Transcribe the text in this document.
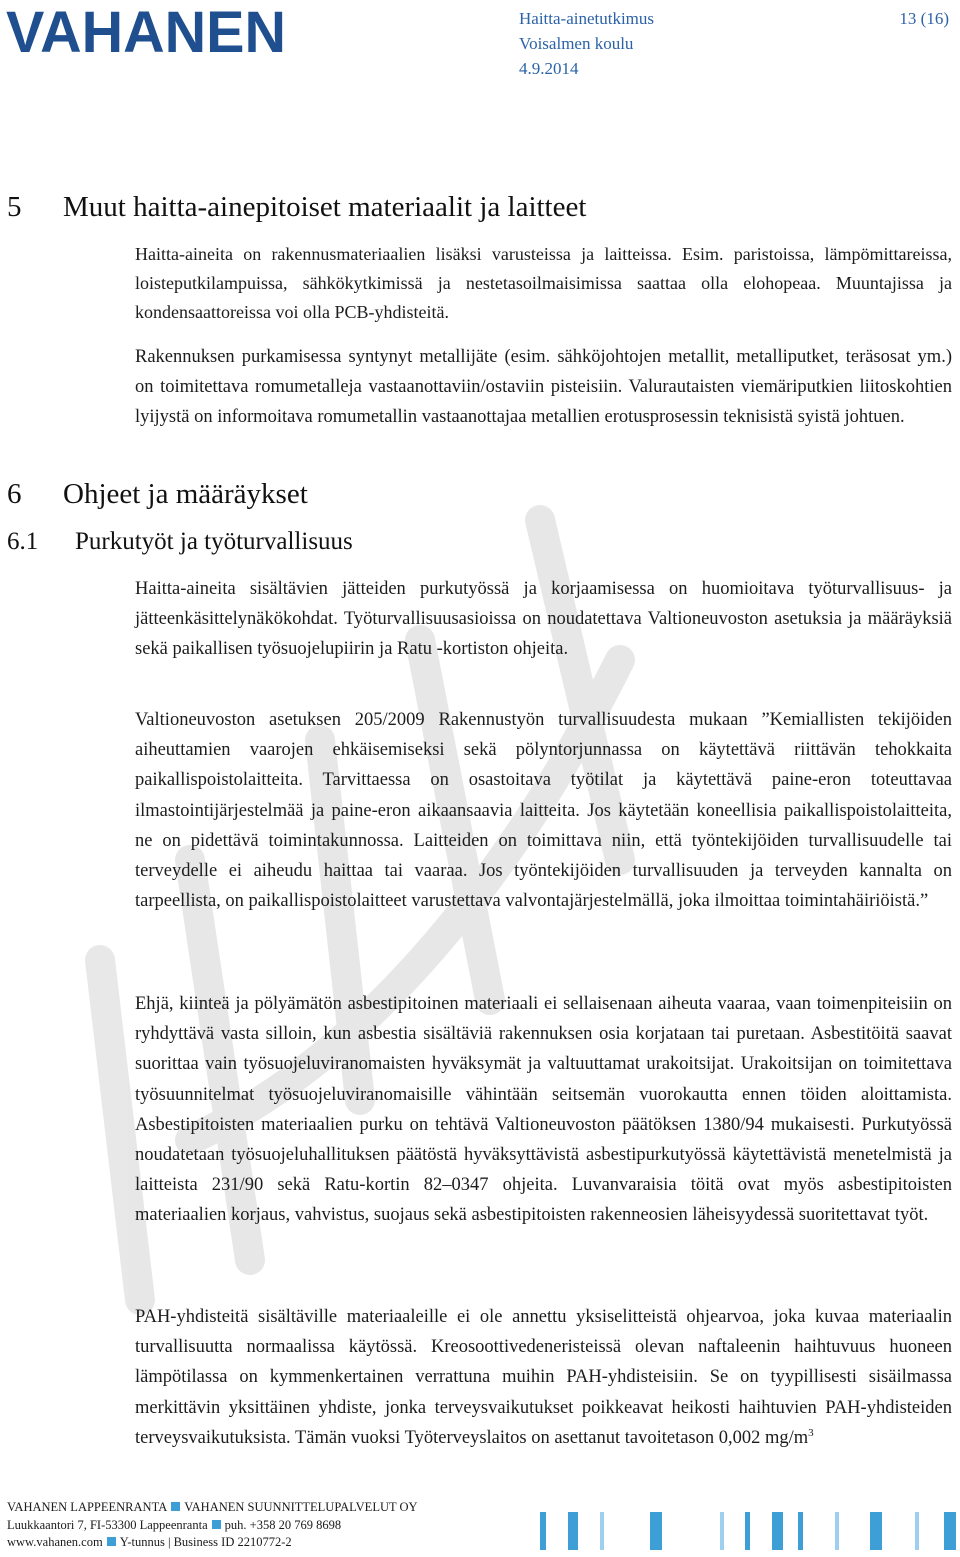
VAHANEN	Haitta-ainetutkimus	13 (16)
Voisalmen koulu
4.9.2014
5 Muut haitta-ainepitoiset materiaalit ja laitteet

Haitta-aineita on rakennusmateriaalien lisäksi varusteissa ja laitteissa. Esim. paristoissa, lämpömittareissa, loisteputkilampuissa, sähkökytkimissä ja nestetasoilmaisimissa saattaa olla elohopeaa. Muuntajissa ja kondensaattoreissa voi olla PCB-yhdisteitä.

Rakennuksen purkamisessa syntynyt metallijäte (esim. sähköjohtojen metallit, metalliputket, teräsosat ym.) on toimitettava romumetalleja vastaanottaviin/ostaviin pisteisiin. Valurautaisten viemäriputkien liitoskohtien lyijystä on informoitava romumetallin vastaanottajaa metallien erotusprosessin teknisistä syistä johtuen.

6 Ohjeet ja määräykset
6.1 Purkutyöt ja työturvallisuus

Haitta-aineita sisältävien jätteiden purkutyössä ja korjaamisessa on huomioitava työturvallisuus- ja jätteenkäsittelynäkökohdat. Työturvallisuusasioissa on noudatettava Valtioneuvoston asetuksia ja määräyksiä sekä paikallisen työsuojelupiirin ja Ratu -kortiston ohjeita.

Valtioneuvoston asetuksen 205/2009 Rakennustyön turvallisuudesta mukaan ”Kemiallisten tekijöiden aiheuttamien vaarojen ehkäisemiseksi sekä pölyntorjunnassa on käytettävä riittävän tehokkaita paikallispoistolaitteita. Tarvittaessa on osastoitava työtilat ja käytettävä paine-eron toteuttavaa ilmastointijärjestelmää ja paine-eron aikaansaavia laitteita. Jos käytetään koneellisia paikallispoistolaitteita, ne on pidettävä toimintakunnossa. Laitteiden on toimittava niin, että työntekijöiden turvallisuudelle tai terveydelle ei aiheudu haittaa tai vaaraa. Jos työntekijöiden turvallisuuden ja terveyden kannalta on tarpeellista, on paikallispoistolaitteet varustettava valvontajärjestelmällä, joka ilmoittaa toimintahäiriöistä.”

Ehjä, kiinteä ja pölyämätön asbestipitoinen materiaali ei sellaisenaan aiheuta vaaraa, vaan toimenpiteisiin on ryhdyttävä vasta silloin, kun asbestia sisältäviä rakennuksen osia korjataan tai puretaan. Asbestitöitä saavat suorittaa vain työsuojeluviranomaisten hyväksymät ja valtuuttamat urakoitsijat. Urakoitsijan on toimitettava työsuunnitelmat työsuojeluviranomaisille vähintään seitsemän vuorokautta ennen töiden aloittamista. Asbestipitoisten materiaalien purku on tehtävä Valtioneuvoston päätöksen 1380/94 mukaisesti. Purkutyössä noudatetaan työsuojeluhallituksen päätöstä hyväksyttävistä asbestipurkutyössä käytettävistä menetelmistä ja laitteista 231/90 sekä Ratu-kortin 82–0347 ohjeita. Luvanvaraisia töitä ovat myös asbestipitoisten materiaalien korjaus, vahvistus, suojaus sekä asbestipitoisten rakenneosien läheisyydessä suoritettavat työt.

PAH-yhdisteitä sisältäville materiaaleille ei ole annettu yksiselitteistä ohjearvoa, joka kuvaa materiaalin turvallisuutta normaalissa käytössä. Kreosoottivedeneristeissä olevan naftaleenin haihtuvuus huoneen lämpötilassa on kymmenkertainen verrattuna muihin PAH-yhdisteisiin. Se on tyypillisesti sisäilmassa merkittävin yksittäinen yhdiste, jonka terveysvaikutukset poikkeavat heikosti haihtuvien PAH-yhdisteiden terveysvaikutuksista. Tämän vuoksi Työterveyslaitos on asettanut tavoitetason 0,002 $mg/m^3$

VAHANEN LAPPEENRANTA VAHANEN SUUNNITTELUPALVELUT OY
Luukkaantori 7, FI-53300 Lappeenranta puh. +358 20 769 8698
www.vahanen.com Y-tunnus | Business ID 2210772-2
